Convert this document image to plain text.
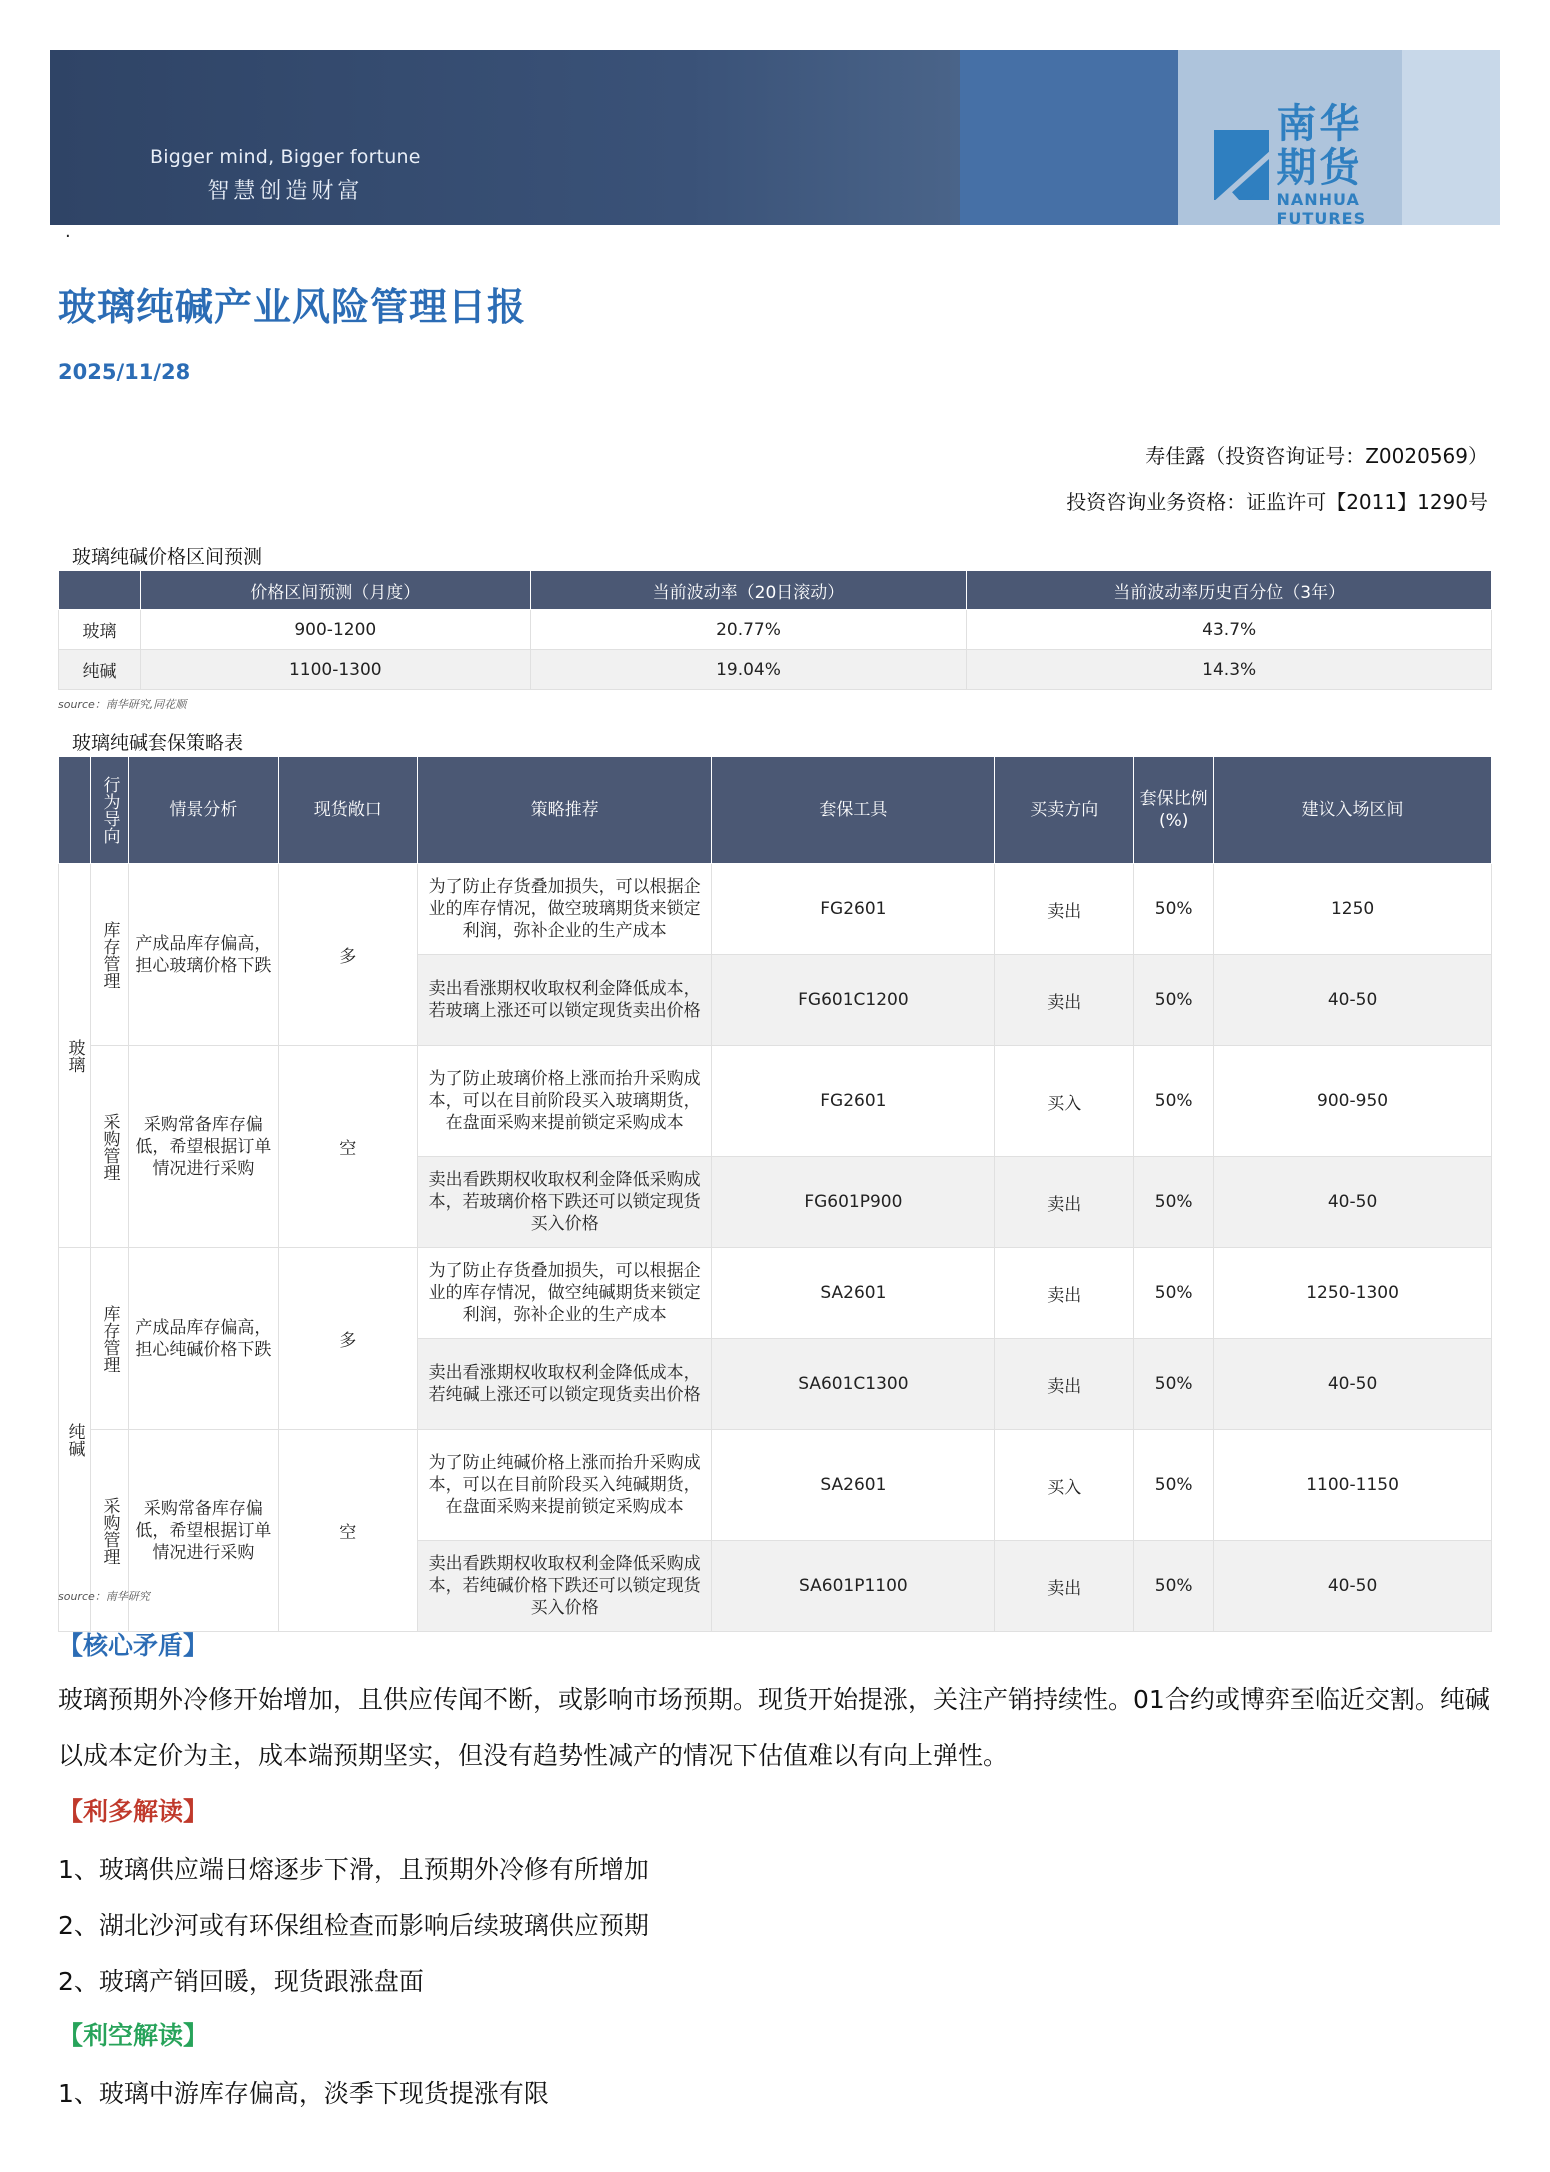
Bigger mind, Bigger fortune
智慧创造财富
南华期货
NANHUA FUTURES
·
玻璃纯碱产业风险管理日报
2025/11/28
寿佳露（投资咨询证号：Z0020569）
投资咨询业务资格：证监许可【2011】1290号
玻璃纯碱价格区间预测
	价格区间预测（月度）	当前波动率（20日滚动）	当前波动率历史百分位（3年）
玻璃	900-1200	20.77%	43.7%
纯碱	1100-1300	19.04%	14.3%
source：南华研究,同花顺
玻璃纯碱套保策略表
	行为导向	情景分析	现货敞口	策略推荐	套保工具	买卖方向	套保比例(%)	建议入场区间
玻璃	库存管理	产成品库存偏高，担心玻璃价格下跌	多	为了防止存货叠加损失，可以根据企业的库存情况，做空玻璃期货来锁定利润，弥补企业的生产成本	FG2601	卖出	50%	1250
				卖出看涨期权收取权利金降低成本，若玻璃上涨还可以锁定现货卖出价格	FG601C1200	卖出	50%	40-50
	采购管理	采购常备库存偏低，希望根据订单情况进行采购	空	为了防止玻璃价格上涨而抬升采购成本，可以在目前阶段买入玻璃期货，在盘面采购来提前锁定采购成本	FG2601	买入	50%	900-950
				卖出看跌期权收取权利金降低采购成本，若玻璃价格下跌还可以锁定现货买入价格	FG601P900	卖出	50%	40-50
纯碱	库存管理	产成品库存偏高，担心纯碱价格下跌	多	为了防止存货叠加损失，可以根据企业的库存情况，做空纯碱期货来锁定利润，弥补企业的生产成本	SA2601	卖出	50%	1250-1300
				卖出看涨期权收取权利金降低成本，若纯碱上涨还可以锁定现货卖出价格	SA601C1300	卖出	50%	40-50
	采购管理	采购常备库存偏低，希望根据订单情况进行采购	空	为了防止纯碱价格上涨而抬升采购成本，可以在目前阶段买入纯碱期货，在盘面采购来提前锁定采购成本	SA2601	买入	50%	1100-1150
				卖出看跌期权收取权利金降低采购成本，若纯碱价格下跌还可以锁定现货买入价格	SA601P1100	卖出	50%	40-50
source：南华研究
【核心矛盾】
玻璃预期外冷修开始增加，且供应传闻不断，或影响市场预期。现货开始提涨，关注产销持续性。01合约或博弈至临近交割。纯碱以成本定价为主，成本端预期坚实，但没有趋势性减产的情况下估值难以有向上弹性。
【利多解读】
1、玻璃供应端日熔逐步下滑，且预期外冷修有所增加
2、湖北沙河或有环保组检查而影响后续玻璃供应预期
2、玻璃产销回暖，现货跟涨盘面
【利空解读】
1、玻璃中游库存偏高，淡季下现货提涨有限
